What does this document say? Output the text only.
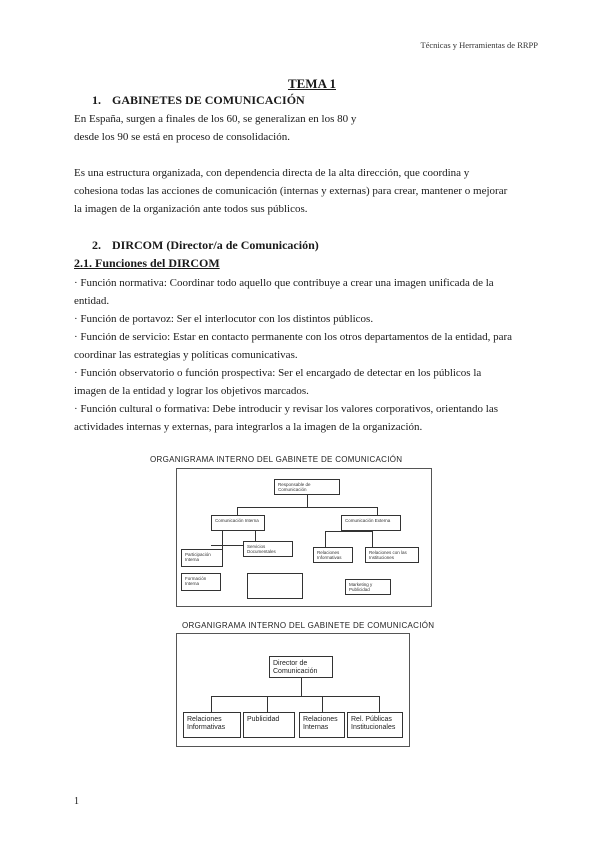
Técnicas y Herramientas de RRPP
TEMA 1
1. GABINETES DE COMUNICACIÓN
En España, surgen a finales de los 60, se generalizan en los 80 y
desde los 90 se está en proceso de consolidación.
Es una estructura organizada, con dependencia directa de la alta dirección, que coordina y
cohesiona todas las acciones de comunicación (internas y externas) para crear, mantener o mejorar
la imagen de la organización ante todos sus públicos.
2. DIRCOM (Director/a de Comunicación)
2.1. Funciones del DIRCOM
· Función normativa: Coordinar todo aquello que contribuye a crear una imagen unificada de la
entidad.
· Función de portavoz: Ser el interlocutor con los distintos públicos.
· Función de servicio: Estar en contacto permanente con los otros departamentos de la entidad, para
coordinar las estrategias y políticas comunicativas.
· Función observatorio o función prospectiva: Ser el encargado de detectar en los públicos la
imagen de la entidad y lograr los objetivos marcados.
· Función cultural o formativa: Debe introducir y revisar los valores corporativos, orientando las
actividades internas y externas, para integrarlos a la imagen de la organización.
ORGANIGRAMA INTERNO DEL GABINETE DE COMUNICACIÓN
Responsable de Comunicación
Comunicación Interna	Comunicación Externa
Servicios Documentales
Participación Interna
Formación Interna
Relaciones Informativas
Relaciones con las Instituciones
Marketing y Publicidad
ORGANIGRAMA INTERNO DEL GABINETE DE COMUNICACIÓN
Director de Comunicación
Relaciones Informativas
Publicidad	Relaciones Internas
Rel. Públicas Institucionales
1
